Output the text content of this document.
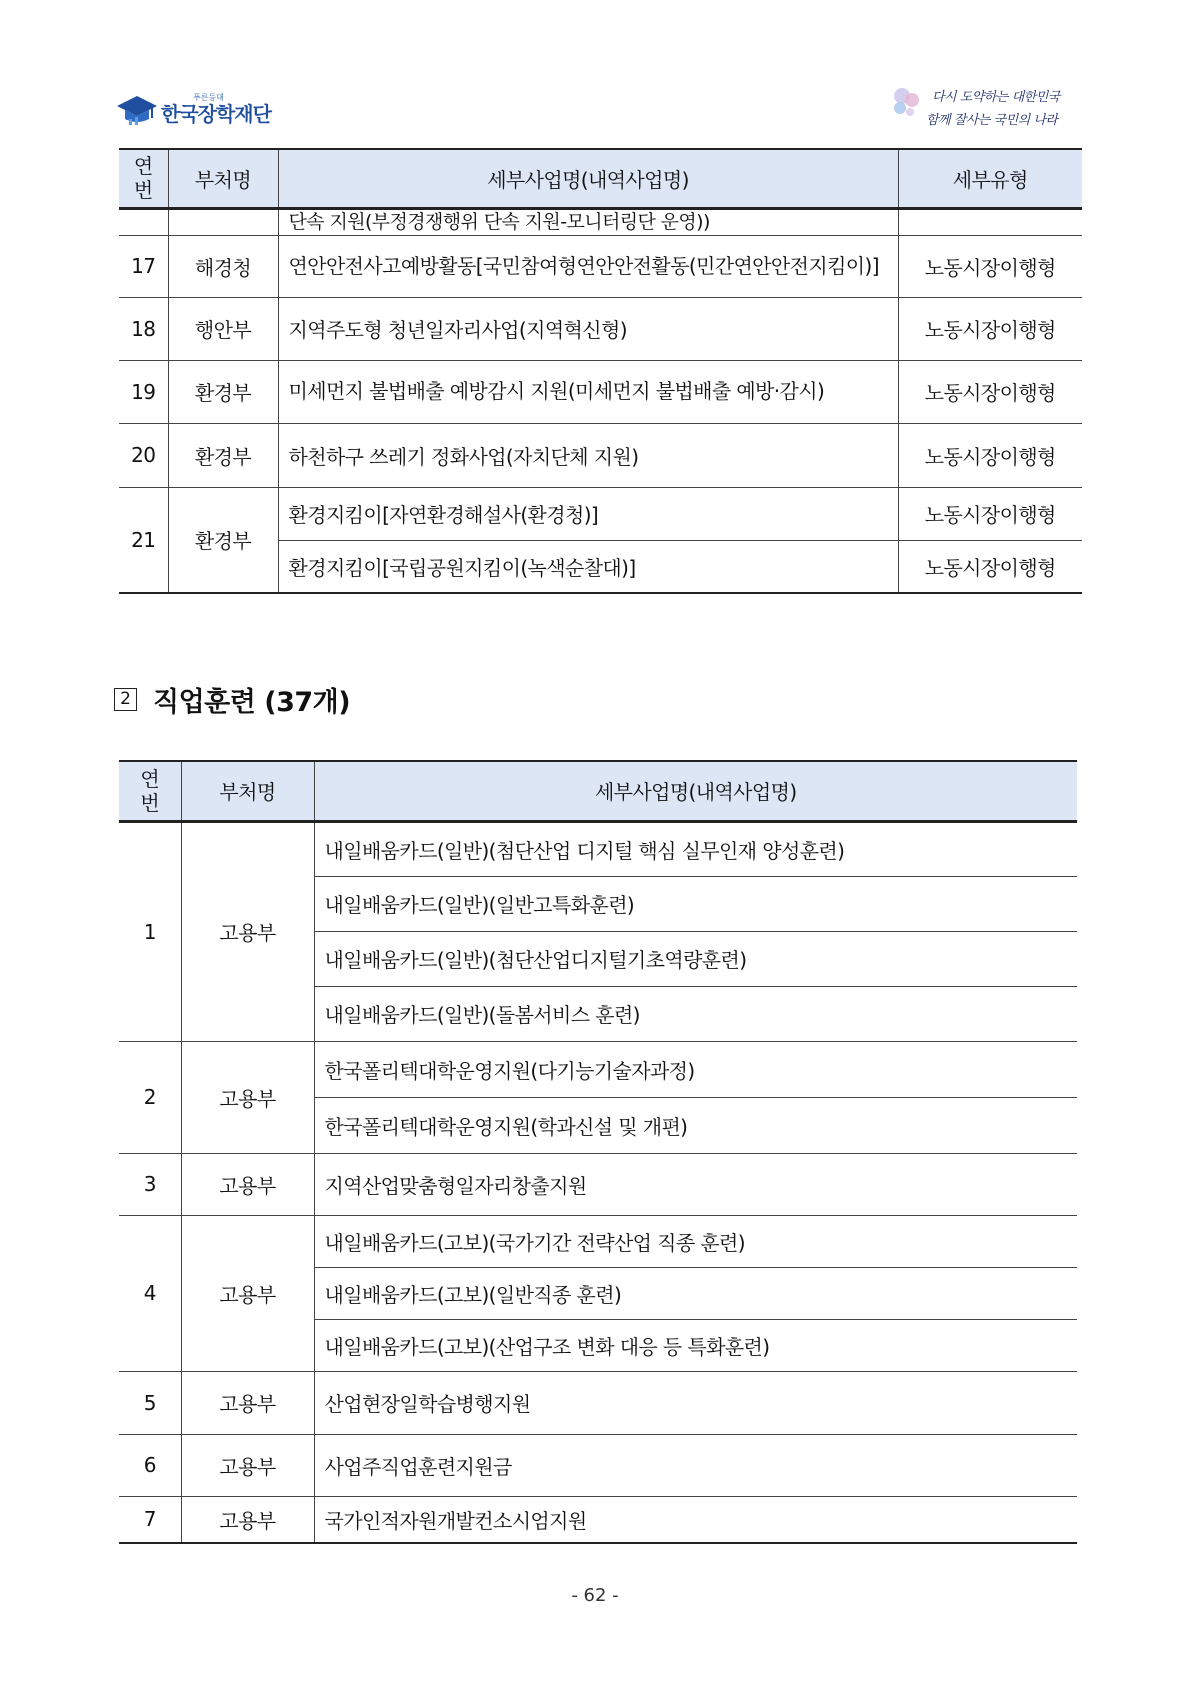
푸른등대
한국장학재단
다시 도약하는 대한민국
함께 잘사는 국민의 나라
연번	부처명	세부사업명(내역사업명)	세부유형
		단속 지원(부정경쟁행위 단속 지원-모니터링단 운영))	
17	해경청	연안안전사고예방활동[국민참여형연안안전활동(민간연안안전지킴이)]	노동시장이행형
18	행안부	지역주도형 청년일자리사업(지역혁신형)	노동시장이행형
19	환경부	미세먼지 불법배출 예방감시 지원(미세먼지 불법배출 예방·감시)	노동시장이행형
20	환경부	하천하구 쓰레기 정화사업(자치단체 지원)	노동시장이행형
21	환경부	환경지킴이[자연환경해설사(환경청)]	노동시장이행형
		환경지킴이[국립공원지킴이(녹색순찰대)]	노동시장이행형
2 직업훈련 (37개)
연번	부처명	세부사업명(내역사업명)
1	고용부	내일배움카드(일반)(첨단산업 디지털 핵심 실무인재 양성훈련)
		내일배움카드(일반)(일반고특화훈련)
		내일배움카드(일반)(첨단산업디지털기초역량훈련)
		내일배움카드(일반)(돌봄서비스 훈련)
2	고용부	한국폴리텍대학운영지원(다기능기술자과정)
		한국폴리텍대학운영지원(학과신설 및 개편)
3	고용부	지역산업맞춤형일자리창출지원
4	고용부	내일배움카드(고보)(국가기간 전략산업 직종 훈련)
		내일배움카드(고보)(일반직종 훈련)
		내일배움카드(고보)(산업구조 변화 대응 등 특화훈련)
5	고용부	산업현장일학습병행지원
6	고용부	사업주직업훈련지원금
7	고용부	국가인적자원개발컨소시엄지원
- 62 -
